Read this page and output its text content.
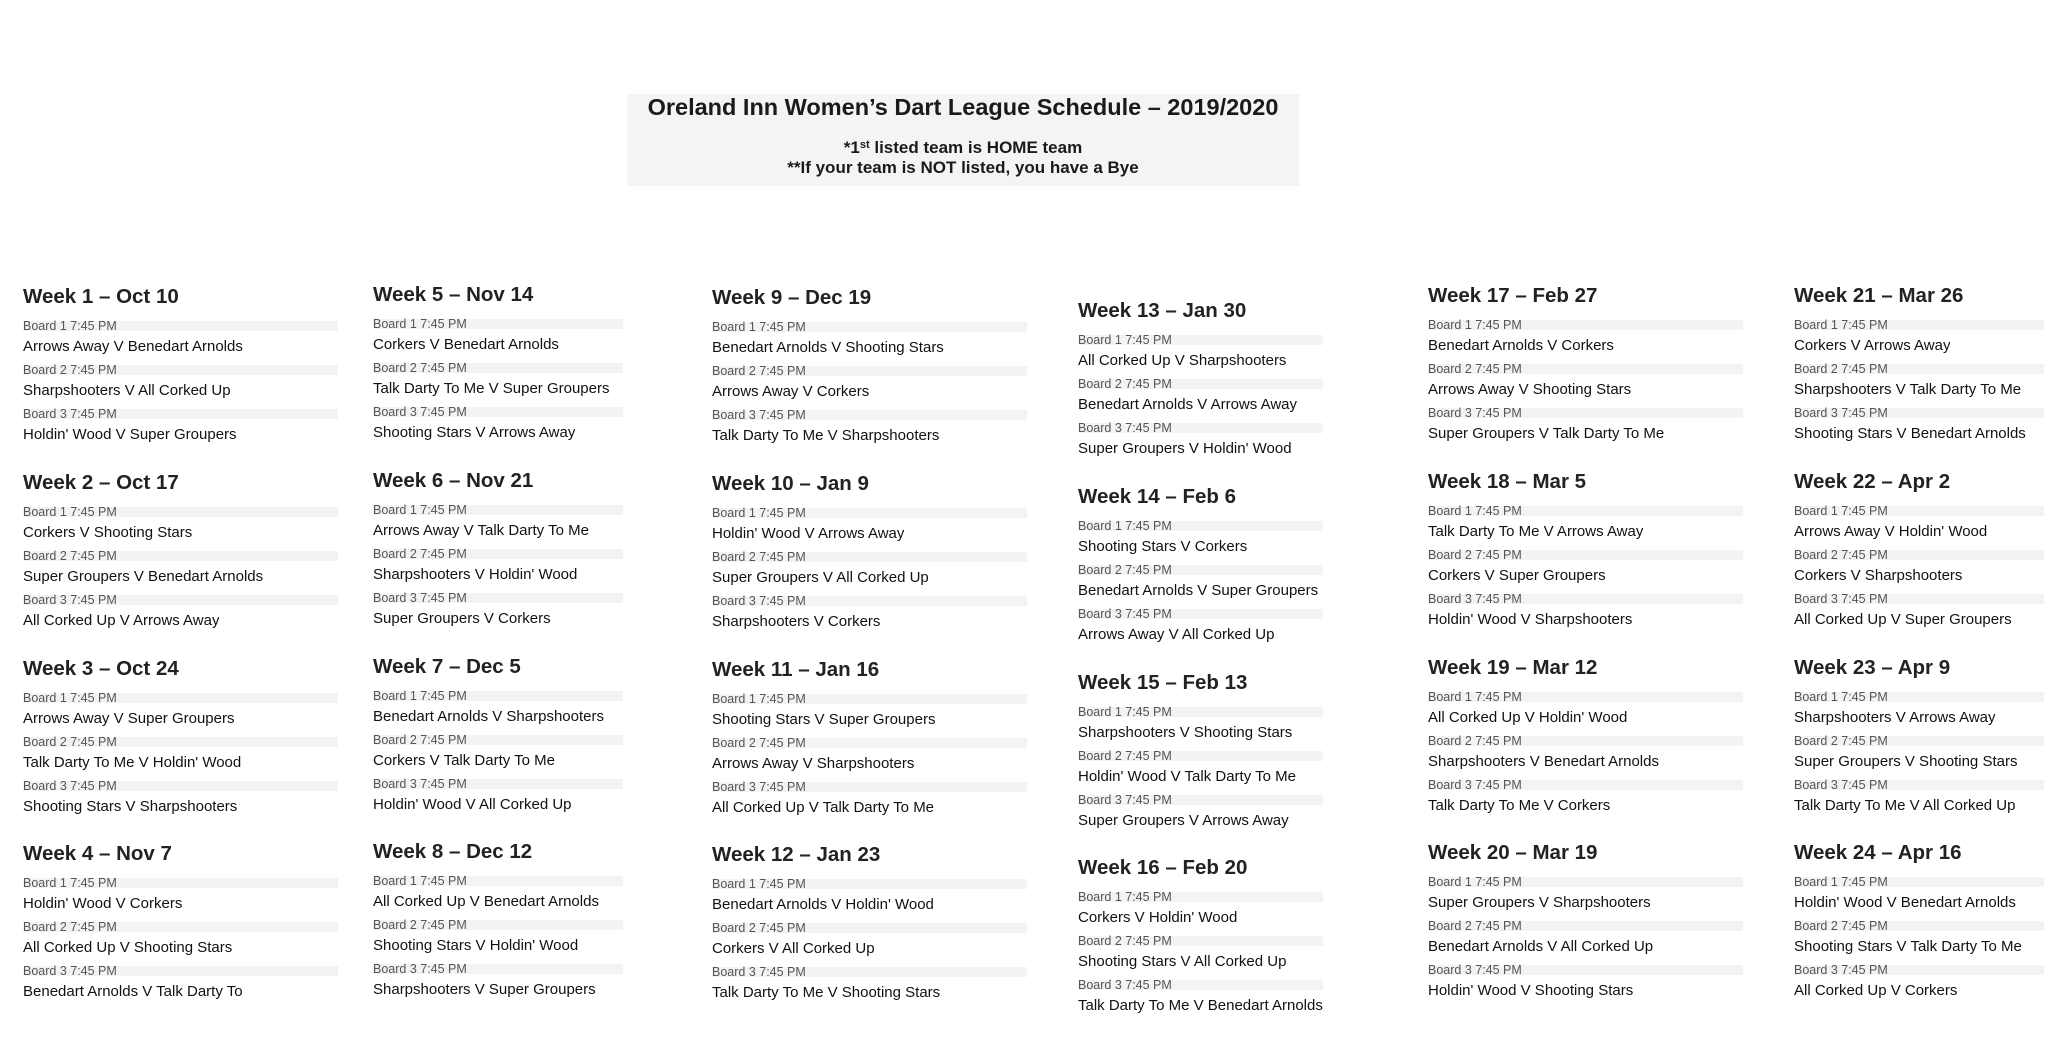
Oreland Inn Women’s Dart League Schedule – 2019/2020
*1st listed team is HOME team
**If your team is NOT listed, you have a Bye
Week 1 – Oct 10
Board 1 7:45 PM
Arrows Away V Benedart Arnolds
Board 2 7:45 PM
Sharpshooters V All Corked Up
Board 3 7:45 PM
Holdin' Wood V Super Groupers
Week 2 – Oct 17
Board 1 7:45 PM
Corkers V Shooting Stars
Board 2 7:45 PM
Super Groupers V Benedart Arnolds
Board 3 7:45 PM
All Corked Up V Arrows Away
Week 3 – Oct 24
Board 1 7:45 PM
Arrows Away V Super Groupers
Board 2 7:45 PM
Talk Darty To Me V Holdin' Wood
Board 3 7:45 PM
Shooting Stars V Sharpshooters
Week 4 – Nov 7
Board 1 7:45 PM
Holdin' Wood V Corkers
Board 2 7:45 PM
All Corked Up V Shooting Stars
Board 3 7:45 PM
Benedart Arnolds V Talk Darty To
Week 5 – Nov 14
Board 1 7:45 PM
Corkers V Benedart Arnolds
Board 2 7:45 PM
Talk Darty To Me V Super Groupers
Board 3 7:45 PM
Shooting Stars V Arrows Away
Week 6 – Nov 21
Board 1 7:45 PM
Arrows Away V Talk Darty To Me
Board 2 7:45 PM
Sharpshooters V Holdin' Wood
Board 3 7:45 PM
Super Groupers V Corkers
Week 7 – Dec 5
Board 1 7:45 PM
Benedart Arnolds V Sharpshooters
Board 2 7:45 PM
Corkers V Talk Darty To Me
Board 3 7:45 PM
Holdin' Wood V All Corked Up
Week 8 – Dec 12
Board 1 7:45 PM
All Corked Up V Benedart Arnolds
Board 2 7:45 PM
Shooting Stars V Holdin' Wood
Board 3 7:45 PM
Sharpshooters V Super Groupers
Week 9 – Dec 19
Board 1 7:45 PM
Benedart Arnolds V Shooting Stars
Board 2 7:45 PM
Arrows Away V Corkers
Board 3 7:45 PM
Talk Darty To Me V Sharpshooters
Week 10 – Jan 9
Board 1 7:45 PM
Holdin' Wood V Arrows Away
Board 2 7:45 PM
Super Groupers V All Corked Up
Board 3 7:45 PM
Sharpshooters V Corkers
Week 11 – Jan 16
Board 1 7:45 PM
Shooting Stars V Super Groupers
Board 2 7:45 PM
Arrows Away V Sharpshooters
Board 3 7:45 PM
All Corked Up V Talk Darty To Me
Week 12 – Jan 23
Board 1 7:45 PM
Benedart Arnolds V Holdin' Wood
Board 2 7:45 PM
Corkers V All Corked Up
Board 3 7:45 PM
Talk Darty To Me V Shooting Stars
Week 13 – Jan 30
Board 1 7:45 PM
All Corked Up V Sharpshooters
Board 2 7:45 PM
Benedart Arnolds V Arrows Away
Board 3 7:45 PM
Super Groupers V Holdin' Wood
Week 14 – Feb 6
Board 1 7:45 PM
Shooting Stars V Corkers
Board 2 7:45 PM
Benedart Arnolds V Super Groupers
Board 3 7:45 PM
Arrows Away V All Corked Up
Week 15 – Feb 13
Board 1 7:45 PM
Sharpshooters V Shooting Stars
Board 2 7:45 PM
Holdin' Wood V Talk Darty To Me
Board 3 7:45 PM
Super Groupers V Arrows Away
Week 16 – Feb 20
Board 1 7:45 PM
Corkers V Holdin' Wood
Board 2 7:45 PM
Shooting Stars V All Corked Up
Board 3 7:45 PM
Talk Darty To Me V Benedart Arnolds
Week 17 – Feb 27
Board 1 7:45 PM
Benedart Arnolds V Corkers
Board 2 7:45 PM
Arrows Away V Shooting Stars
Board 3 7:45 PM
Super Groupers V Talk Darty To Me
Week 18 – Mar 5
Board 1 7:45 PM
Talk Darty To Me V Arrows Away
Board 2 7:45 PM
Corkers V Super Groupers
Board 3 7:45 PM
Holdin' Wood V Sharpshooters
Week 19 – Mar 12
Board 1 7:45 PM
All Corked Up V Holdin' Wood
Board 2 7:45 PM
Sharpshooters V Benedart Arnolds
Board 3 7:45 PM
Talk Darty To Me V Corkers
Week 20 – Mar 19
Board 1 7:45 PM
Super Groupers V Sharpshooters
Board 2 7:45 PM
Benedart Arnolds V All Corked Up
Board 3 7:45 PM
Holdin' Wood V Shooting Stars
Week 21 – Mar 26
Board 1 7:45 PM
Corkers V Arrows Away
Board 2 7:45 PM
Sharpshooters V Talk Darty To Me
Board 3 7:45 PM
Shooting Stars V Benedart Arnolds
Week 22 – Apr 2
Board 1 7:45 PM
Arrows Away V Holdin' Wood
Board 2 7:45 PM
Corkers V Sharpshooters
Board 3 7:45 PM
All Corked Up V Super Groupers
Week 23 – Apr 9
Board 1 7:45 PM
Sharpshooters V Arrows Away
Board 2 7:45 PM
Super Groupers V Shooting Stars
Board 3 7:45 PM
Talk Darty To Me V All Corked Up
Week 24 – Apr 16
Board 1 7:45 PM
Holdin' Wood V Benedart Arnolds
Board 2 7:45 PM
Shooting Stars V Talk Darty To Me
Board 3 7:45 PM
All Corked Up V Corkers
